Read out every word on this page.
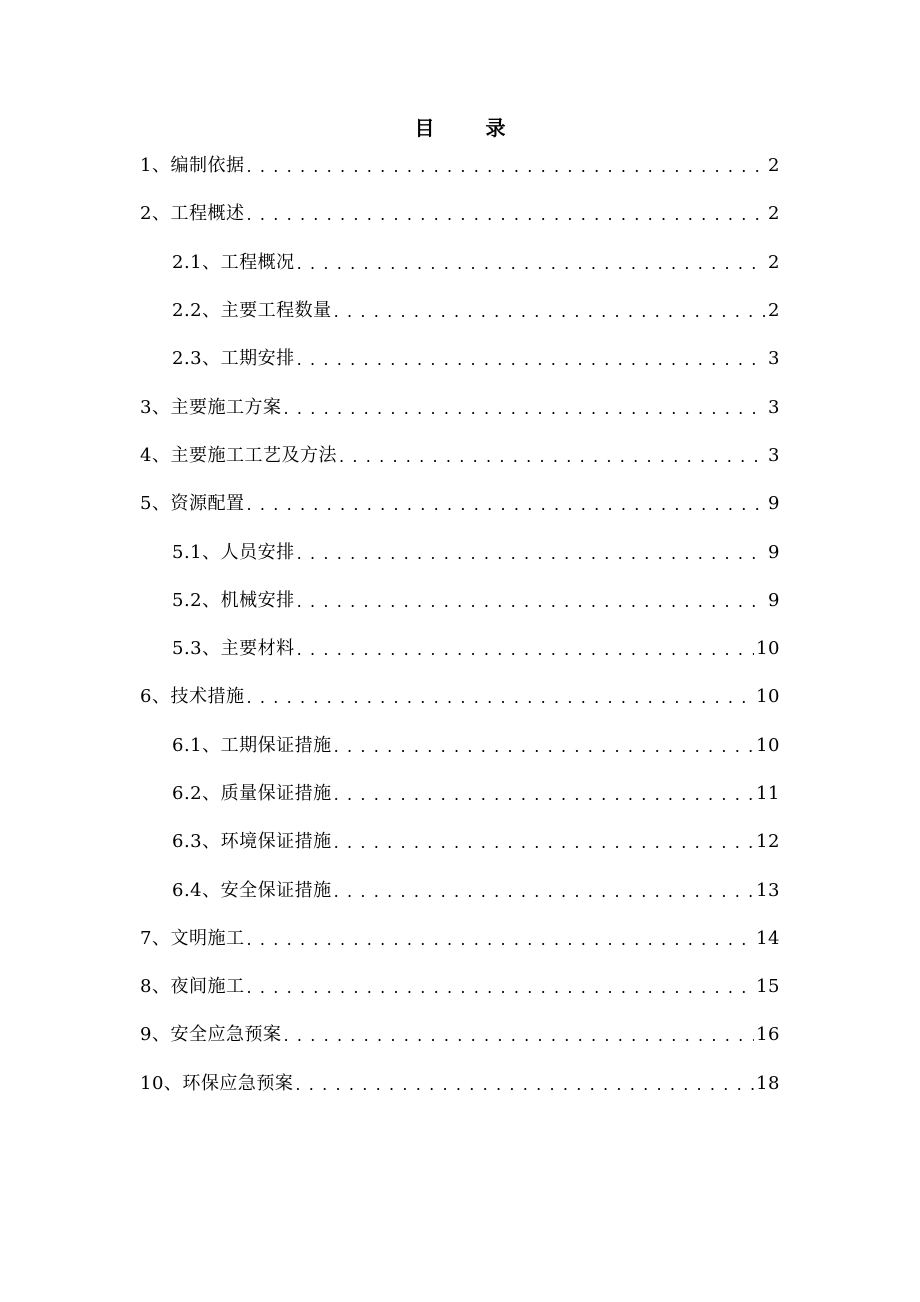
目 录
1、编制依据 . . .	2
2、工程概述 . . .	2
2.1、工程概况 . . .	2
2.2、主要工程数量 . . .	2
2.3、工期安排 . . .	3
3、主要施工方案 . . .	3
4、主要施工工艺及方法 . . .	3
5、资源配置 . . .	9
5.1、人员安排 . . .	9
5.2、机械安排 . . .	9
5.3、主要材料 . . .	10
6、技术措施 . . .	10
6.1、工期保证措施 . . .	10
6.2、质量保证措施 . . .	11
6.3、环境保证措施 . . .	12
6.4、安全保证措施 . . .	13
7、文明施工 . . .	14
8、夜间施工 . . .	15
9、安全应急预案 . . .	16
10、环保应急预案 . . .	18
